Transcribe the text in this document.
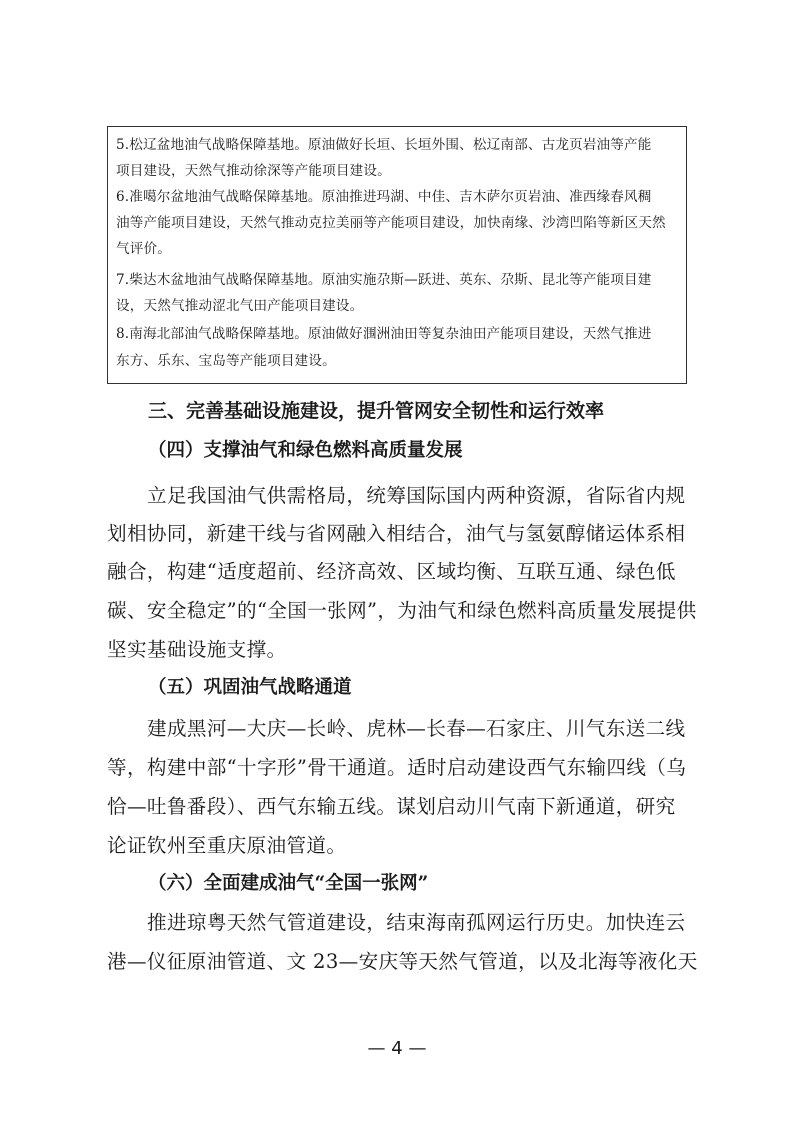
5.松辽盆地油气战略保障基地。原油做好长垣、长垣外围、松辽南部、古龙页岩油等产能
项目建设，天然气推动徐深等产能项目建设。
6.准噶尔盆地油气战略保障基地。原油推进玛湖、中佳、吉木萨尔页岩油、准西缘春风稠
油等产能项目建设，天然气推动克拉美丽等产能项目建设，加快南缘、沙湾凹陷等新区天然
气评价。
7.柴达木盆地油气战略保障基地。原油实施尕斯—跃进、英东、尕斯、昆北等产能项目建
设，天然气推动涩北气田产能项目建设。
8.南海北部油气战略保障基地。原油做好涠洲油田等复杂油田产能项目建设，天然气推进
东方、乐东、宝岛等产能项目建设。
三、完善基础设施建设，提升管网安全韧性和运行效率
（四）支撑油气和绿色燃料高质量发展
立足我国油气供需格局，统筹国际国内两种资源，省际省内规
划相协同，新建干线与省网融入相结合，油气与氢氨醇储运体系相
融合，构建“适度超前、经济高效、区域均衡、互联互通、绿色低
碳、安全稳定”的“全国一张网”，为油气和绿色燃料高质量发展提供
坚实基础设施支撑。
（五）巩固油气战略通道
建成黑河—大庆—长岭、虎林—长春—石家庄、川气东送二线
等，构建中部“十字形”骨干通道。适时启动建设西气东输四线（乌
恰—吐鲁番段）、西气东输五线。谋划启动川气南下新通道，研究
论证钦州至重庆原油管道。
（六）全面建成油气“全国一张网”
推进琼粤天然气管道建设，结束海南孤网运行历史。加快连云
港—仪征原油管道、文 23—安庆等天然气管道，以及北海等液化天
— 4 —
